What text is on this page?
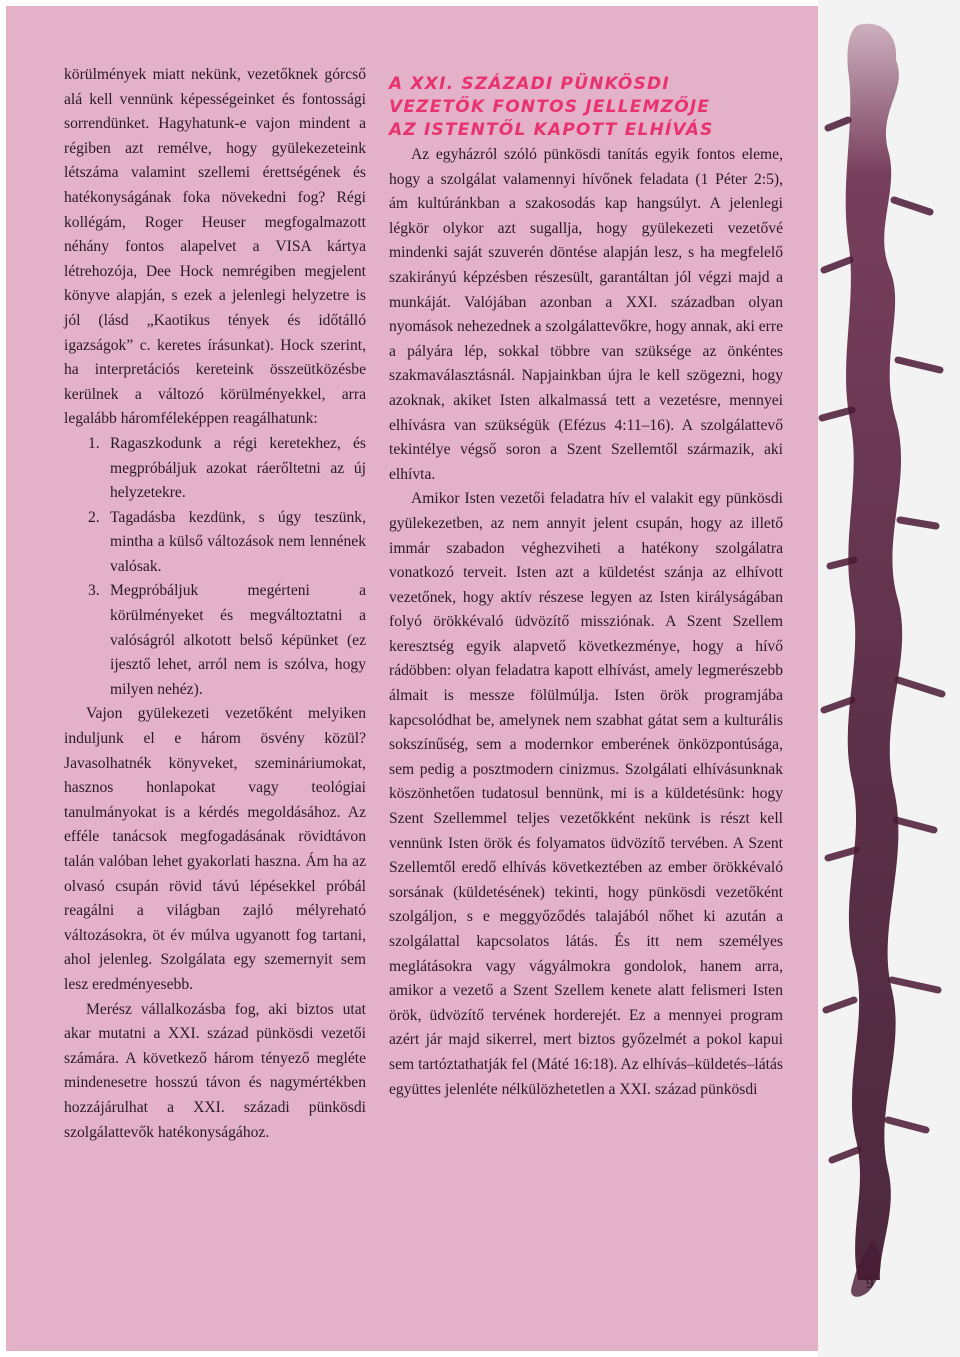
körülmények miatt nekünk, vezetőknek górcső alá kell vennünk képességeinket és fontossági sorrendünket. Hagyhatunk-e vajon mindent a régiben azt remélve, hogy gyülekezeteink létszáma valamint szellemi érettségének és hatékonyságának foka növekedni fog? Régi kollégám, Roger Heuser megfogalmazott néhány fontos alapelvet a VISA kártya létrehozója, Dee Hock nemrégiben megjelent könyve alapján, s ezek a jelenlegi helyzetre is jól (lásd „Kaotikus tények és időtálló igazságok” c. keretes írásunkat). Hock szerint, ha interpretációs kereteink összeütközésbe kerülnek a változó körülményekkel, arra legalább háromféleképpen reagálhatunk:

1. Ragaszkodunk a régi keretekhez, és megpróbáljuk azokat ráerőltetni az új helyzetekre.
2. Tagadásba kezdünk, s úgy teszünk, mintha a külső változások nem lennének valósak.
3. Megpróbáljuk megérteni a körülményeket és megváltoztatni a valóságról alkotott belső képünket (ez ijesztő lehet, arról nem is szólva, hogy milyen nehéz).

Vajon gyülekezeti vezetőként melyiken induljunk el e három ösvény közül? Javasolhatnék könyveket, szemináriumokat, hasznos honlapokat vagy teológiai tanulmányokat is a kérdés megoldásához. Az efféle tanácsok megfogadásának rövidtávon talán valóban lehet gyakorlati haszna. Ám ha az olvasó csupán rövid távú lépésekkel próbál reagálni a világban zajló mélyreható változásokra, öt év múlva ugyanott fog tartani, ahol jelenleg. Szolgálata egy szemernyit sem lesz eredményesebb.

Merész vállalkozásba fog, aki biztos utat akar mutatni a XXI. század pünkösdi vezetői számára. A következő három tényező megléte mindenesetre hosszú távon és nagymértékben hozzájárulhat a XXI. századi pünkösdi szolgálattevők hatékonyságához.

A XXI. SZÁZADI PÜNKÖSDI
VEZETŐK FONTOS JELLEMZŐJE
AZ ISTENTŐL KAPOTT ELHÍVÁS

Az egyházról szóló pünkösdi tanítás egyik fontos eleme, hogy a szolgálat valamennyi hívőnek feladata (1 Péter 2:5), ám kultúránkban a szakosodás kap hangsúlyt. A jelenlegi légkör olykor azt sugallja, hogy gyülekezeti vezetővé mindenki saját szuverén döntése alapján lesz, s ha megfelelő szakirányú képzésben részesült, garantáltan jól végzi majd a munkáját. Valójában azonban a XXI. században olyan nyomások nehezednek a szolgálattevőkre, hogy annak, aki erre a pályára lép, sokkal többre van szüksége az önkéntes szakmaválasztásnál. Napjainkban újra le kell szögezni, hogy azoknak, akiket Isten alkalmassá tett a vezetésre, mennyei elhívásra van szükségük (Efézus 4:11–16). A szolgálattevő tekintélye végső soron a Szent Szellemtől származik, aki elhívta.

Amikor Isten vezetői feladatra hív el valakit egy pünkösdi gyülekezetben, az nem annyit jelent csupán, hogy az illető immár szabadon véghezviheti a hatékony szolgálatra vonatkozó terveit. Isten azt a küldetést szánja az elhívott vezetőnek, hogy aktív részese legyen az Isten királyságában folyó örökkévaló üdvözítő missziónak. A Szent Szellem keresztség egyik alapvető következménye, hogy a hívő rádöbben: olyan feladatra kapott elhívást, amely legmerészebb álmait is messze fölülmúlja. Isten örök programjába kapcsolódhat be, amelynek nem szabhat gátat sem a kulturális sokszínűség, sem a modernkor emberének önközpontúsága, sem pedig a posztmodern cinizmus. Szolgálati elhívásunknak köszönhetően tudatosul bennünk, mi is a küldetésünk: hogy Szent Szellemmel teljes vezetőkként nekünk is részt kell vennünk Isten örök és folyamatos üdvözítő tervében. A Szent Szellemtől eredő elhívás következtében az ember örökkévaló sorsának (küldetésének) tekinti, hogy pünkösdi vezetőként szolgáljon, s e meggyőződés talajából nőhet ki azután a szolgálattal kapcsolatos látás. És itt nem személyes meglátásokra vagy vágyálmokra gondolok, hanem arra, amikor a vezető a Szent Szellem kenete alatt felismeri Isten örök, üdvözítő tervének horderejét. Ez a mennyei program azért jár majd sikerrel, mert biztos győzelmét a pokol kapui sem tartóztathatják fel (Máté 16:18). Az elhívás–küldetés–látás együttes jelenléte nélkülözhetetlen a XXI. század pünkösdi

9
